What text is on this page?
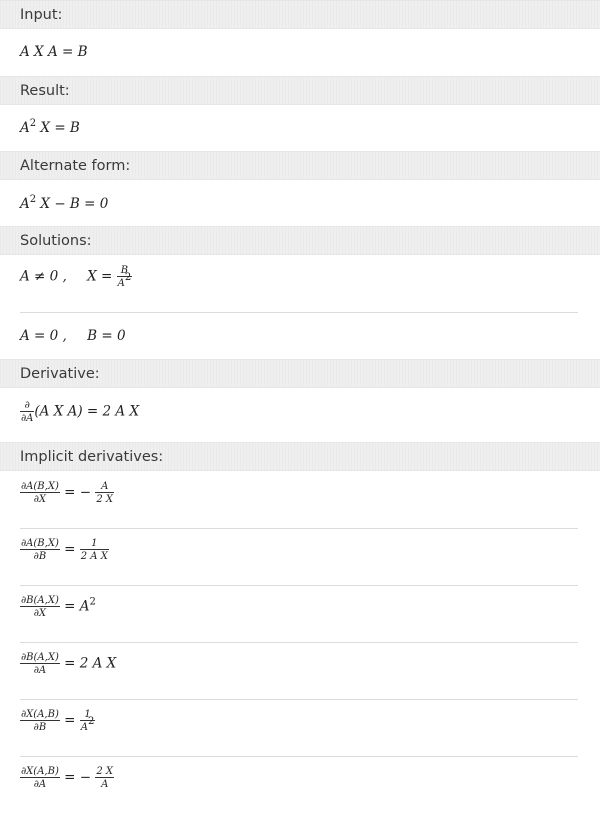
Input:
A X A = B
Result:
$A^2$ X = B
Alternate form:
$A^2$ X − B = 0
Solutions:
A ≠ 0 , $X = \frac{B}{A^2}$
A = 0 , B = 0
Derivative:
$\frac{\partial}{\partial A} (A$ X A) = 2 A X
Implicit derivatives:
$\frac{\partial A(B,X)}{\partial X}$ = − $\frac{A}{2 X}$
$\frac{\partial A(B,X)}{\partial B} = \frac{1}{\text{2 A X}}$
$\frac{\partial B(A,X)}{\partial X} = A^2$
$\frac{\partial B(A,X)}{\partial A} = 2$ A X
$\frac{\partial X(A,B)}{\partial B} = \frac{1}{A^2}$
$\frac{\partial X(A,B)}{\partial A}$ = − $\frac{2 X}{A}$
